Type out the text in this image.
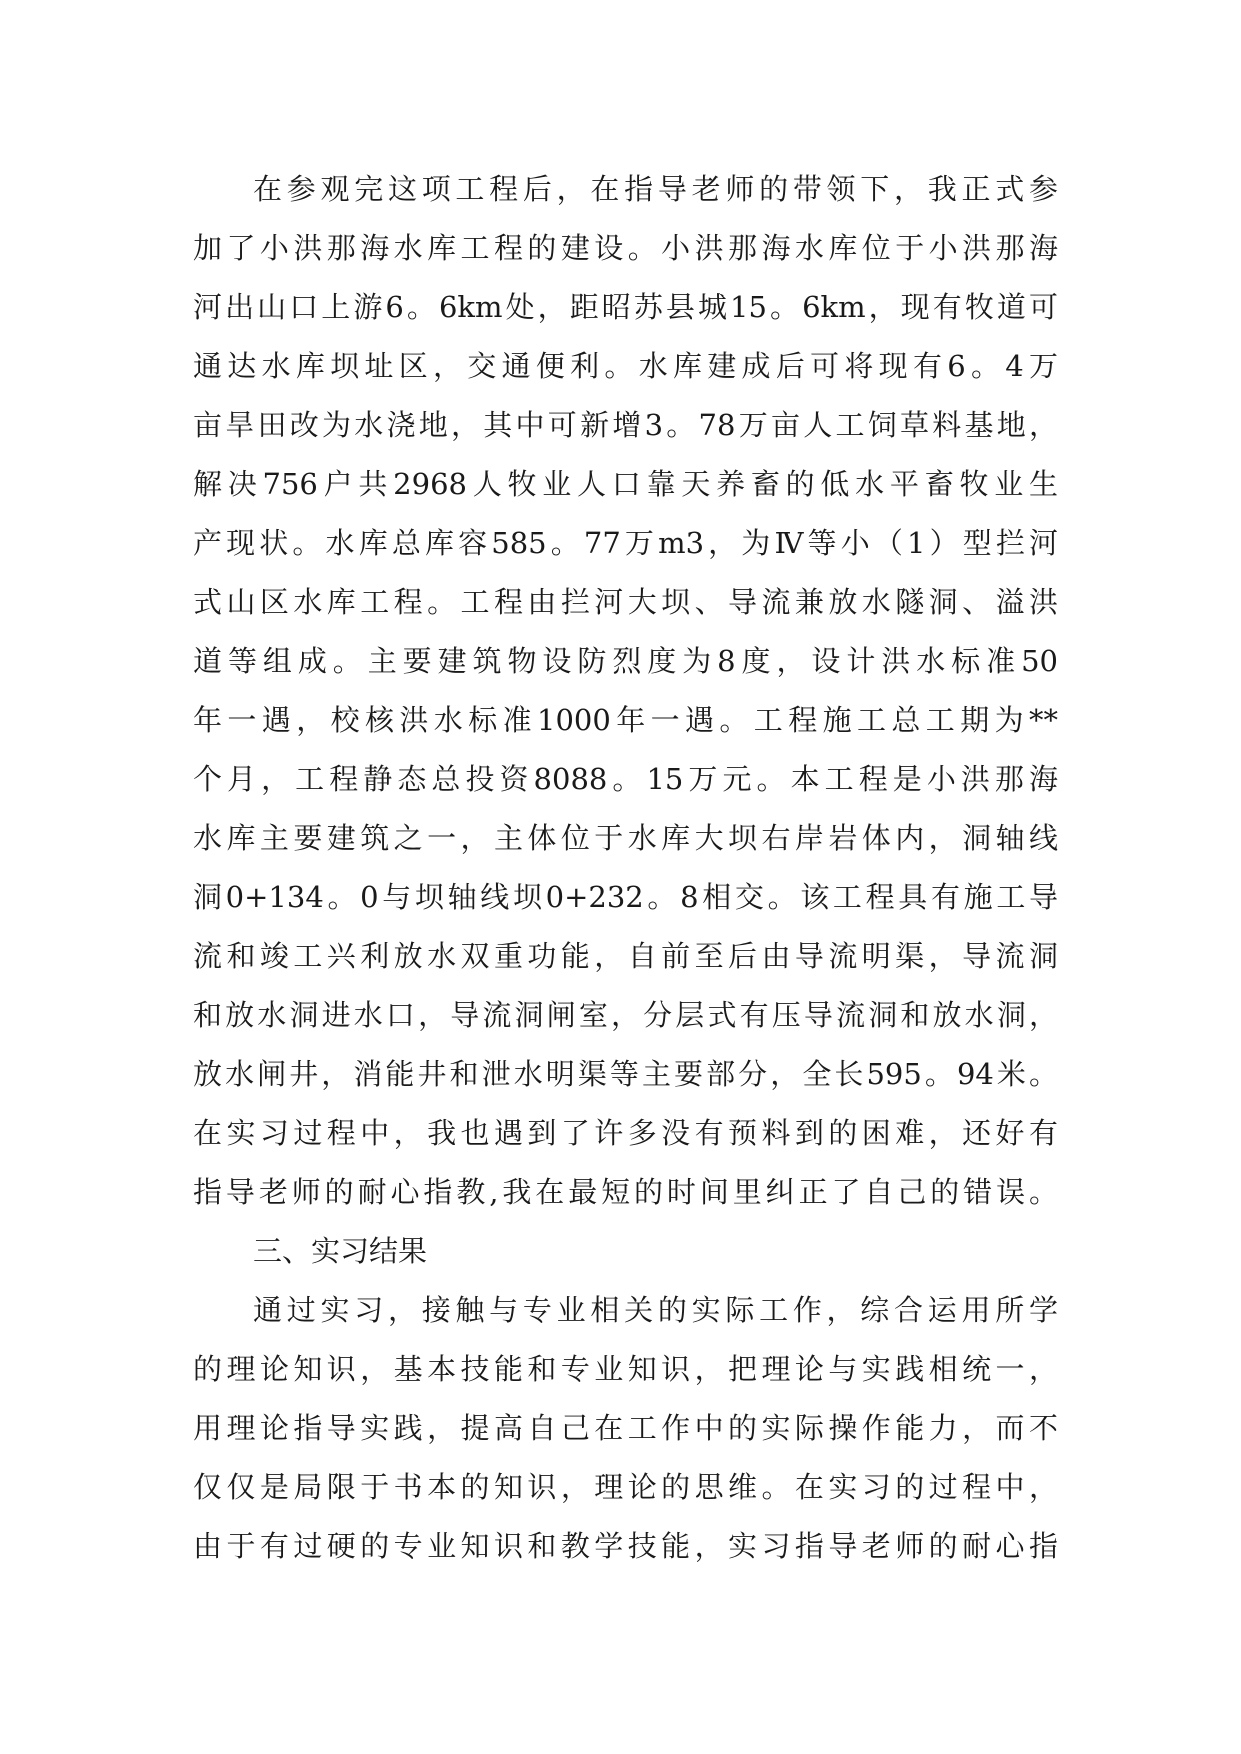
在参观完这项工程后，在指导老师的带领下，我正式参
加了小洪那海水库工程的建设。小洪那海水库位于小洪那海
河出山口上游6。6km处，距昭苏县城15。6km，现有牧道可
通达水库坝址区，交通便利。水库建成后可将现有6。4万
亩旱田改为水浇地，其中可新增3。78万亩人工饲草料基地，
解决756户共2968人牧业人口靠天养畜的低水平畜牧业生
产现状。水库总库容585。77万m3，为Ⅳ等小（1）型拦河
式山区水库工程。工程由拦河大坝、导流兼放水隧洞、溢洪
道等组成。主要建筑物设防烈度为8度，设计洪水标准50
年一遇，校核洪水标准1000年一遇。工程施工总工期为**
个月，工程静态总投资8088。15万元。本工程是小洪那海
水库主要建筑之一，主体位于水库大坝右岸岩体内，洞轴线
洞0+134。0与坝轴线坝0+232。8相交。该工程具有施工导
流和竣工兴利放水双重功能，自前至后由导流明渠，导流洞
和放水洞进水口，导流洞闸室，分层式有压导流洞和放水洞，
放水闸井，消能井和泄水明渠等主要部分，全长595。94米。
在实习过程中，我也遇到了许多没有预料到的困难，还好有
指导老师的耐心指教,我在最短的时间里纠正了自己的错误。
三、实习结果
通过实习，接触与专业相关的实际工作，综合运用所学
的理论知识，基本技能和专业知识，把理论与实践相统一，
用理论指导实践，提高自己在工作中的实际操作能力，而不
仅仅是局限于书本的知识，理论的思维。在实习的过程中，
由于有过硬的专业知识和教学技能，实习指导老师的耐心指
